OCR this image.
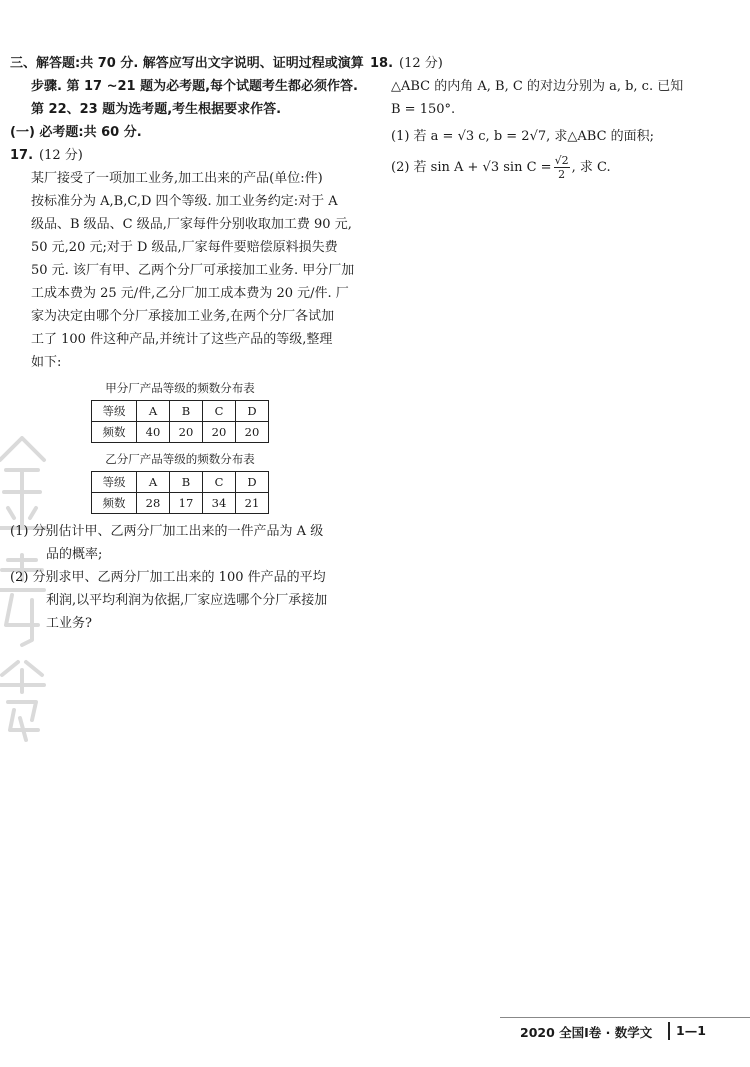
三、解答题:共 70 分. 解答应写出文字说明、证明过程或演算
步骤. 第 17 ~21 题为必考题,每个试题考生都必须作答.
第 22、23 题为选考题,考生根据要求作答.
(一) 必考题:共 60 分.
17. (12 分)
某厂接受了一项加工业务,加工出来的产品(单位:件)
按标准分为 A,B,C,D 四个等级. 加工业务约定:对于 A
级品、B 级品、C 级品,厂家每件分别收取加工费 90 元,
50 元,20 元;对于 D 级品,厂家每件要赔偿原料损失费
50 元. 该厂有甲、乙两个分厂可承接加工业务. 甲分厂加
工成本费为 25 元/件,乙分厂加工成本费为 20 元/件. 厂
家为决定由哪个分厂承接加工业务,在两个分厂各试加
工了 100 件这种产品,并统计了这些产品的等级,整理
如下:
甲分厂产品等级的频数分布表
等级	A	B	C	D
频数	40	20	20	20
乙分厂产品等级的频数分布表
等级	A	B	C	D
频数	28	17	34	21
(1) 分别估计甲、乙两分厂加工出来的一件产品为 A 级
品的概率;
(2) 分别求甲、乙两分厂加工出来的 100 件产品的平均
利润,以平均利润为依据,厂家应选哪个分厂承接加
工业务?
18. (12 分)
△ABC 的内角 A, B, C 的对边分别为 a, b, c. 已知
B = 150°.
(1) 若 a = √3 c, b = 2√7, 求△ABC 的面积;
(2) 若 sin A + √3 $\sin C = \frac{√2}{2}$ , 求 C.
2020 全国Ⅰ卷 · 数学文 1—1
